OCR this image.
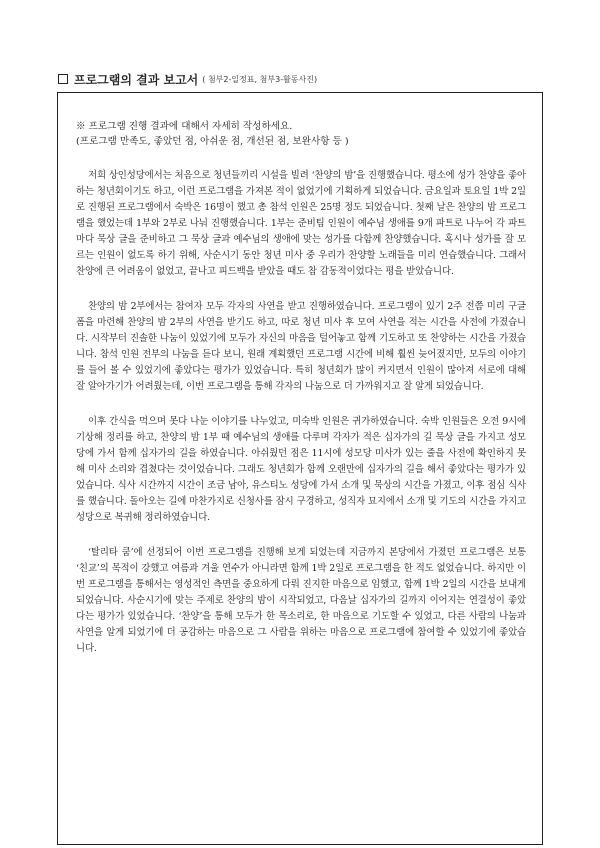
프로그램의 결과 보고서 ( 첨부2-일정표, 첨부3-활동사진)

※ 프로그램 진행 결과에 대해서 자세히 작성하세요.

(프로그램 만족도, 좋았던 점, 아쉬운 점, 개선된 점, 보완사항 등 )

저희 상인성당에서는 처음으로 청년들끼리 시설을 빌려 ‘찬양의 밤’을 진행했습니다. 평소에 성가 찬양을 좋아하는 청년회이기도 하고, 이런 프로그램을 가져본 적이 없었기에 기획하게 되었습니다. 금요일과 토요일 1박 2일로 진행된 프로그램에서 숙박은 16명이 했고 총 참석 인원은 25명 정도 되었습니다. 첫째 날은 찬양의 밤 프로그램을 했었는데 1부와 2부로 나눠 진행했습니다. 1부는 준비팀 인원이 예수님 생애를 9개 파트로 나누어 각 파트마다 묵상 글을 준비하고 그 묵상 글과 예수님의 생애에 맞는 성가를 다함께 찬양했습니다. 혹시나 성가를 잘 모르는 인원이 없도록 하기 위해, 사순시기 동안 청년 미사 중 우리가 찬양할 노래들을 미리 연습했습니다. 그래서 찬양에 큰 어려움이 없었고, 끝나고 피드백을 받았을 때도 참 감동적이었다는 평을 받았습니다.

찬양의 밤 2부에서는 참여자 모두 각자의 사연을 받고 진행하였습니다. 프로그램이 있기 2주 전쯤 미리 구글 폼을 마련해 찬양의 밤 2부의 사연을 받기도 하고, 따로 청년 미사 후 모여 사연을 적는 시간을 사전에 가졌습니다. 시작부터 진솔한 나눔이 있었기에 모두가 자신의 마음을 털어놓고 함께 기도하고 또 찬양하는 시간을 가졌습니다. 참석 인원 전부의 나눔을 듣다 보니, 원래 계획했던 프로그램 시간에 비해 훨씬 늦어졌지만, 모두의 이야기를 들어 볼 수 있었기에 좋았다는 평가가 있었습니다. 특히 청년회가 많이 커지면서 인원이 많아져 서로에 대해 잘 알아가기가 어려웠는데, 이번 프로그램을 통해 각자의 나눔으로 더 가까워지고 잘 알게 되었습니다.

이후 간식을 먹으며 못다 나눈 이야기를 나누었고, 미숙박 인원은 귀가하였습니다. 숙박 인원들은 오전 9시에 기상해 정리를 하고, 찬양의 밤 1부 때 예수님의 생애를 다루며 각자가 적은 십자가의 길 묵상 글을 가지고 성모당에 가서 함께 십자가의 길을 하였습니다. 아쉬웠던 점은 11시에 성모당 미사가 있는 줄을 사전에 확인하지 못해 미사 소리와 겹쳤다는 것이었습니다. 그래도 청년회가 함께 오랜만에 십자가의 길을 해서 좋았다는 평가가 있었습니다. 식사 시간까지 시간이 조금 남아, 유스티노 성당에 가서 소개 및 묵상의 시간을 가졌고, 이후 점심 식사를 했습니다. 돌아오는 길에 마찬가지로 신청사를 잠시 구경하고, 성직자 묘지에서 소개 및 기도의 시간을 가지고 성당으로 복귀해 정리하였습니다.

‘탈리타 쿰’에 선정되어 이번 프로그램을 진행해 보게 되었는데 지금까지 본당에서 가졌던 프로그램은 보통 ‘친교’의 목적이 강했고 여름과 겨울 연수가 아니라면 함께 1박 2일로 프로그램을 한 적도 없었습니다. 하지만 이번 프로그램을 통해서는 영성적인 측면을 중요하게 다뤄 진지한 마음으로 임했고, 함께 1박 2일의 시간을 보내게 되었습니다. 사순시기에 맞는 주제로 찬양의 밤이 시작되었고, 다음날 십자가의 길까지 이어지는 연결성이 좋았다는 평가가 있었습니다. ‘찬양’을 통해 모두가 한 목소리로, 한 마음으로 기도할 수 있었고, 다른 사람의 나눔과 사연을 알게 되었기에 더 공감하는 마음으로 그 사람을 위하는 마음으로 프로그램에 참여할 수 있었기에 좋았습니다.
